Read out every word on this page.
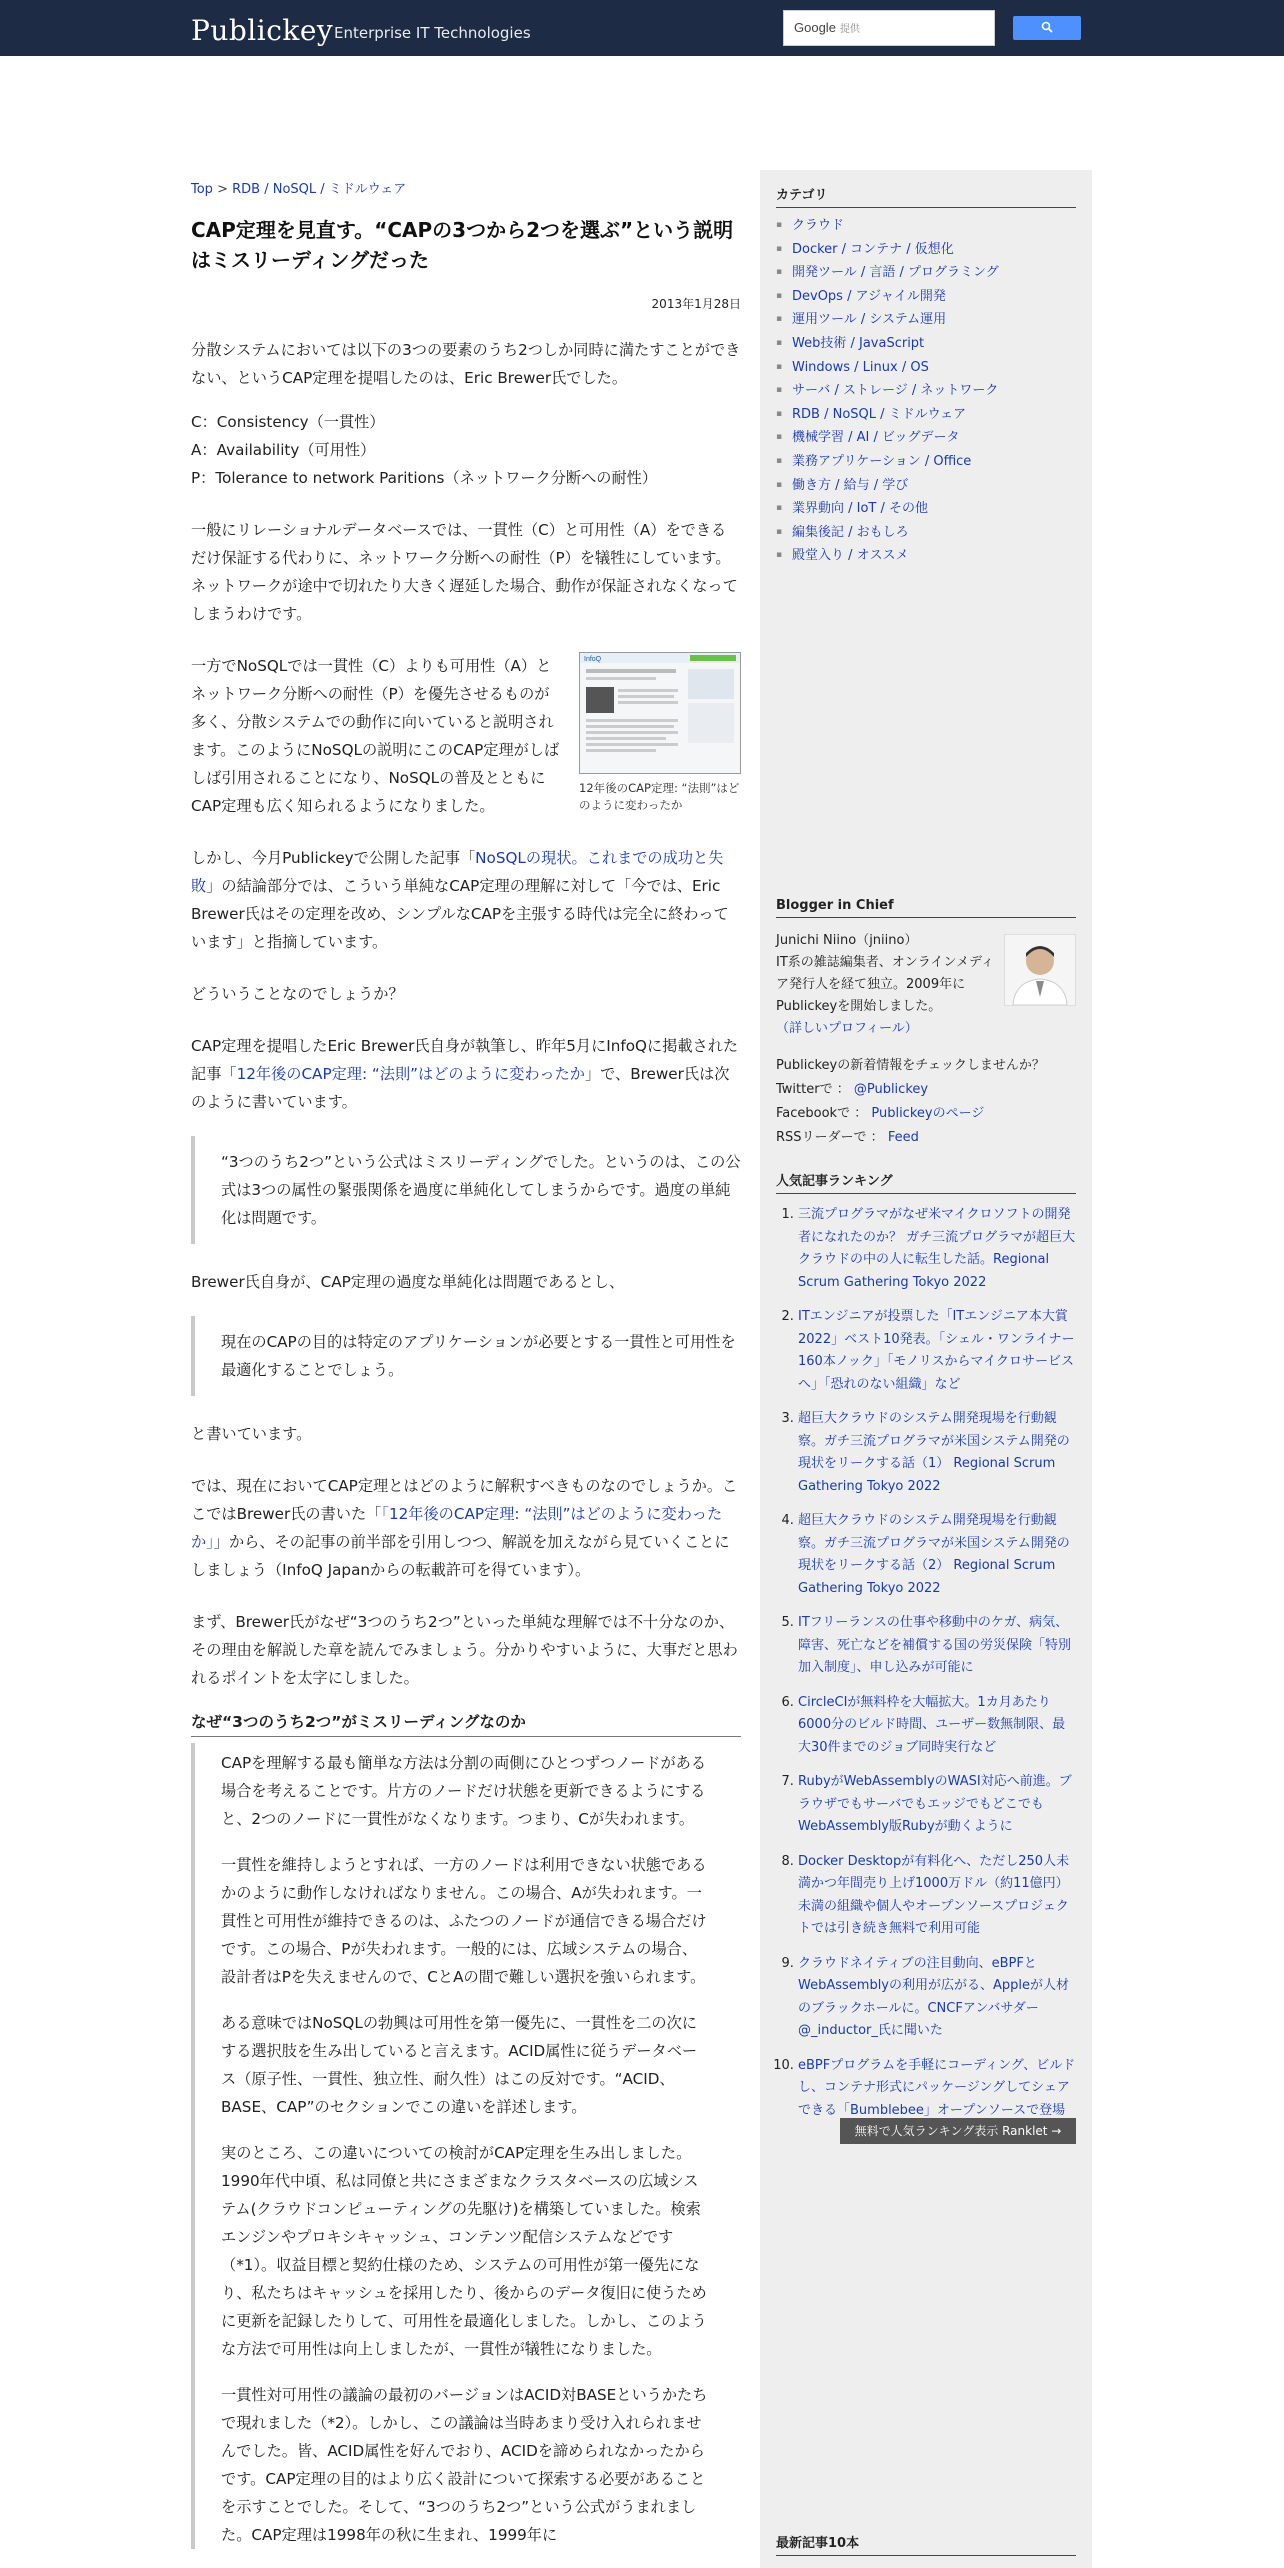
Publickey Enterprise IT Technologies	Google 提供
Top > RDB / NoSQL / ミドルウェア
CAP定理を見直す。“CAPの3つから2つを選ぶ”という説明はミスリーディングだった
2013年1月28日

分散システムにおいては以下の3つの要素のうち2つしか同時に満たすことができない、というCAP定理を提唱したのは、Eric Brewer氏でした。

C：Consistency（一貫性）
A：Availability（可用性）
P：Tolerance to network Paritions（ネットワーク分断への耐性）

一般にリレーショナルデータベースでは、一貫性（C）と可用性（A）をできるだけ保証する代わりに、ネットワーク分断への耐性（P）を犠牲にしています。ネットワークが途中で切れたり大きく遅延した場合、動作が保証されなくなってしまうわけです。

InfoQ
12年後のCAP定理: “法則”はどのように変わったか
一方でNoSQLでは一貫性（C）よりも可用性（A）とネットワーク分断への耐性（P）を優先させるものが多く、分散システムでの動作に向いていると説明されます。このようにNoSQLの説明にこのCAP定理がしばしば引用されることになり、NoSQLの普及とともにCAP定理も広く知られるようになりました。

しかし、今月Publickeyで公開した記事「NoSQLの現状。これまでの成功と失敗」の結論部分では、こういう単純なCAP定理の理解に対して「今では、Eric Brewer氏はその定理を改め、シンプルなCAPを主張する時代は完全に終わっています」と指摘しています。

どういうことなのでしょうか？

CAP定理を提唱したEric Brewer氏自身が執筆し、昨年5月にInfoQに掲載された記事「12年後のCAP定理: “法則”はどのように変わったか」で、Brewer氏は次のように書いています。

“3つのうち2つ”という公式はミスリーディングでした。というのは、この公式は3つの属性の緊張関係を過度に単純化してしまうからです。過度の単純化は問題です。

Brewer氏自身が、CAP定理の過度な単純化は問題であるとし、

現在のCAPの目的は特定のアプリケーションが必要とする一貫性と可用性を最適化することでしょう。

と書いています。

では、現在においてCAP定理とはどのように解釈すべきものなのでしょうか。ここではBrewer氏の書いた「「12年後のCAP定理: “法則”はどのように変わったか」」から、その記事の前半部を引用しつつ、解説を加えながら見ていくことにしましょう（InfoQ Japanからの転載許可を得ています）。

まず、Brewer氏がなぜ“3つのうち2つ”といった単純な理解では不十分なのか、その理由を解説した章を読んでみましょう。分かりやすいように、大事だと思われるポイントを太字にしました。

なぜ“3つのうち2つ”がミスリーディングなのか

CAPを理解する最も簡単な方法は分割の両側にひとつずつノードがある場合を考えることです。片方のノードだけ状態を更新できるようにすると、2つのノードに一貫性がなくなります。つまり、Cが失われます。

一貫性を維持しようとすれば、一方のノードは利用できない状態であるかのように動作しなければなりません。この場合、Aが失われます。一貫性と可用性が維持できるのは、ふたつのノードが通信できる場合だけです。この場合、Pが失われます。一般的には、広域システムの場合、設計者はPを失えませんので、CとAの間で難しい選択を強いられます。

ある意味ではNoSQLの勃興は可用性を第一優先に、一貫性を二の次にする選択肢を生み出していると言えます。ACID属性に従うデータベース（原子性、一貫性、独立性、耐久性）はこの反対です。“ACID、BASE、CAP”のセクションでこの違いを詳述します。

実のところ、この違いについての検討がCAP定理を生み出しました。1990年代中頃、私は同僚と共にさまざまなクラスタベースの広域システム(クラウドコンピューティングの先駆け)を構築していました。検索エンジンやプロキシキャッシュ、コンテンツ配信システムなどです（*1）。収益目標と契約仕様のため、システムの可用性が第一優先になり、私たちはキャッシュを採用したり、後からのデータ復旧に使うために更新を記録したりして、可用性を最適化しました。しかし、このような方法で可用性は向上しましたが、一貫性が犠牲になりました。

一貫性対可用性の議論の最初のバージョンはACID対BASEというかたちで現れました（*2）。しかし、この議論は当時あまり受け入れられませんでした。皆、ACID属性を好んでおり、ACIDを諦められなかったからです。CAP定理の目的はより広く設計について探索する必要があることを示すことでした。そして、“3つのうち2つ”という公式がうまれました。CAP定理は1998年の秋に生まれ、1999年に

カテゴリ
▪ クラウド
▪ Docker / コンテナ / 仮想化
▪ 開発ツール / 言語 / プログラミング
▪ DevOps / アジャイル開発
▪ 運用ツール / システム運用
▪ Web技術 / JavaScript
▪ Windows / Linux / OS
▪ サーバ / ストレージ / ネットワーク
▪ RDB / NoSQL / ミドルウェア
▪ 機械学習 / AI / ビッグデータ
▪ 業務アプリケーション / Office
▪ 働き方 / 給与 / 学び
▪ 業界動向 / IoT / その他
▪ 編集後記 / おもしろ
▪ 殿堂入り / オススメ
Blogger in Chief
Junichi Niino（jniino）
IT系の雑誌編集者、オンラインメディア発行人を経て独立。2009年にPublickeyを開始しました。
（詳しいプロフィール）
Publickeyの新着情報をチェックしませんか？
Twitterで ： @Publickey
Facebookで ： Publickeyのページ
RSSリーダーで ： Feed
人気記事ランキング
1. 三流プログラマがなぜ米マイクロソフトの開発者になれたのか？ ガチ三流プログラマが超巨大クラウドの中の人に転生した話。Regional Scrum Gathering Tokyo 2022
2. ITエンジニアが投票した「ITエンジニア本大賞2022」ベスト10発表。「シェル・ワンライナー160本ノック」「モノリスからマイクロサービスへ」「恐れのない組織」など
3. 超巨大クラウドのシステム開発現場を行動観察。ガチ三流プログラマが米国システム開発の現状をリークする話（1） Regional Scrum Gathering Tokyo 2022
4. 超巨大クラウドのシステム開発現場を行動観察。ガチ三流プログラマが米国システム開発の現状をリークする話（2） Regional Scrum Gathering Tokyo 2022
5. ITフリーランスの仕事や移動中のケガ、病気、障害、死亡などを補償する国の労災保険「特別加入制度」、申し込みが可能に
6. CircleCIが無料枠を大幅拡大。1カ月あたり6000分のビルド時間、ユーザー数無制限、最大30件までのジョブ同時実行など
7. RubyがWebAssemblyのWASI対応へ前進。ブラウザでもサーバでもエッジでもどこでもWebAssembly版Rubyが動くように
8. Docker Desktopが有料化へ、ただし250人未満かつ年間売り上げ1000万ドル（約11億円）未満の組織や個人やオープンソースプロジェクトでは引き続き無料で利用可能
9. クラウドネイティブの注目動向、eBPFとWebAssemblyの利用が広がる、Appleが人材のブラックホールに。CNCFアンバサダー@_inductor_氏に聞いた
10. eBPFプログラムを手軽にコーディング、ビルドし、コンテナ形式にパッケージングしてシェアできる「Bumblebee」オープンソースで登場
無料で人気ランキング表示 Ranklet →
最新記事10本
